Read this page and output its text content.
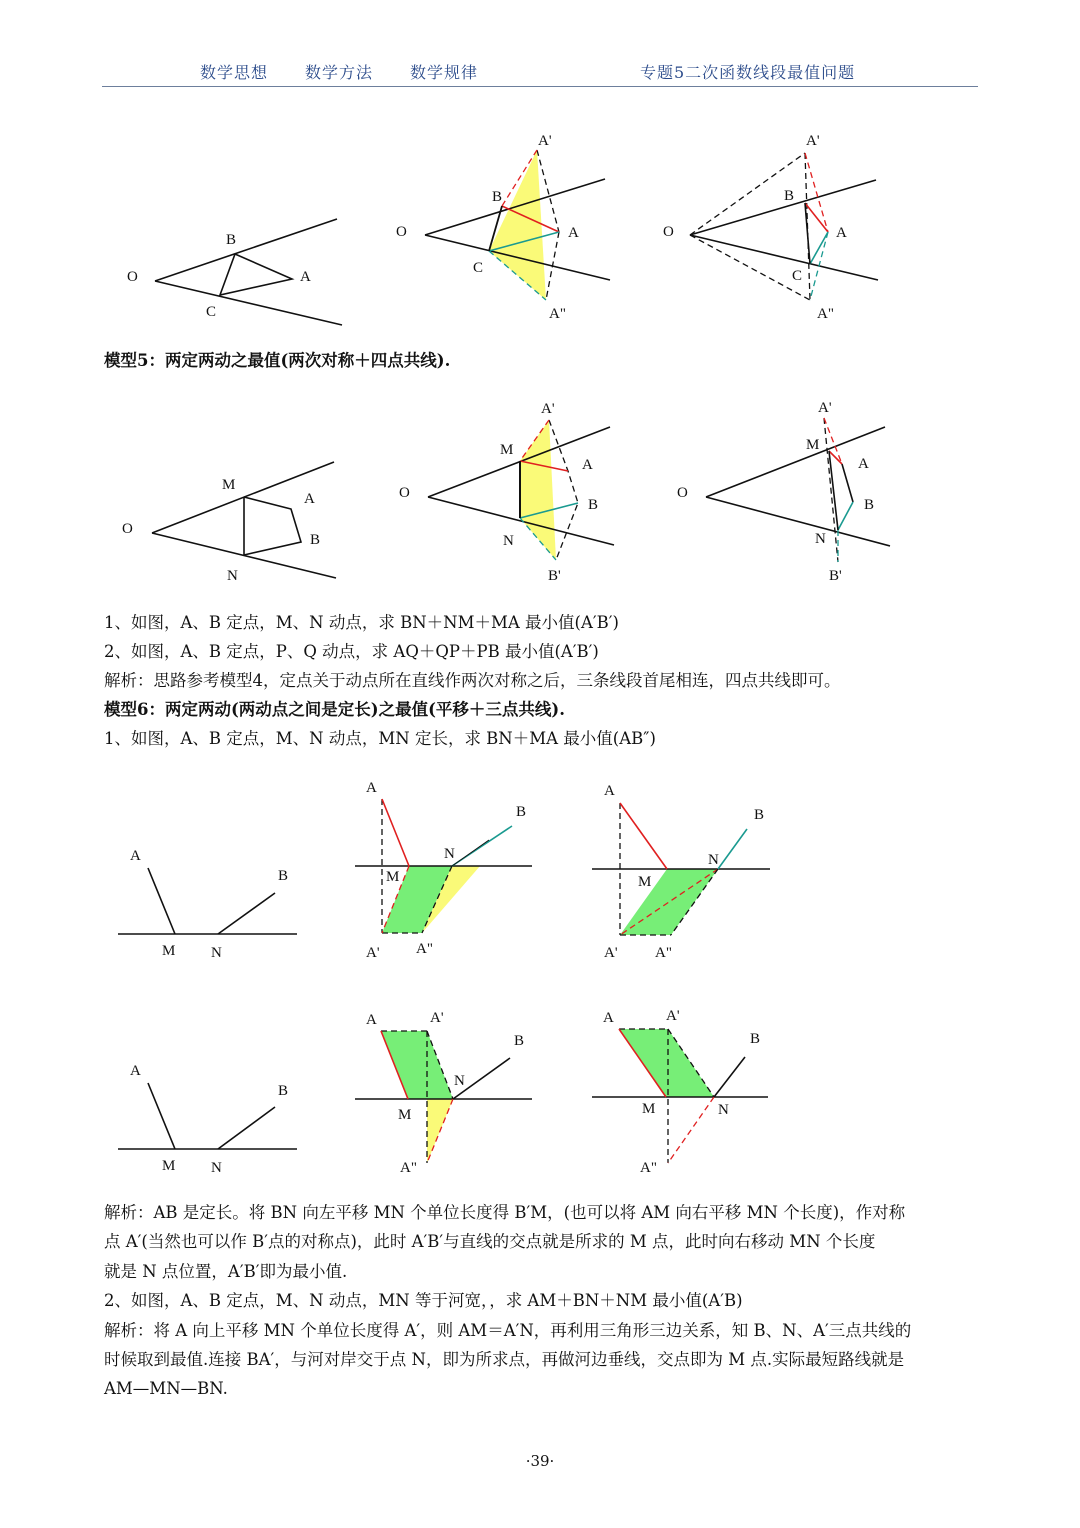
数学思想 数学方法 数学规律	专题5二次函数线段最值问题
O
B
A
C
O
A'
B
A
C
A"
O
A'
B
A
C
A"
O
M
A
B
N
O
A'
M
A
B
N
B'
O
A'
M
A
B
N
B'
A
B
M N
A
B
N
M
A' A"
A
B
N
M
A' A"
A
B
M N
A	A'
B
N
M
A"
A	A'
B
M	N
A"
模型5：两定两动之最值(两次对称＋四点共线).
1、如图，A、B 定点，M、N 动点，求 BN＋NM＋MA 最小值(A′B′)
2、如图，A、B 定点，P、Q 动点，求 AQ＋QP＋PB 最小值(A′B′)
解析：思路参考模型4，定点关于动点所在直线作两次对称之后，三条线段首尾相连，四点共线即可。
模型6：两定两动(两动点之间是定长)之最值(平移＋三点共线).
1、如图，A、B 定点，M、N 动点，MN 定长，求 BN＋MA 最小值(AB″)
解析：AB 是定长。将 BN 向左平移 MN 个单位长度得 B′M，(也可以将 AM 向右平移 MN 个长度)，作对称
点 A′(当然也可以作 B′点的对称点)，此时 A′B′与直线的交点就是所求的 M 点，此时向右移动 MN 个长度
就是 N 点位置，A′B′即为最小值.
2、如图，A、B 定点，M、N 动点，MN 等于河宽，，求 AM＋BN＋NM 最小值(A′B)
解析：将 A 向上平移 MN 个单位长度得 A′，则 AM＝A′N，再利用三角形三边关系，知 B、N、A′三点共线的
时候取到最值.连接 BA′，与河对岸交于点 N，即为所求点，再做河边垂线，交点即为 M 点.实际最短路线就是
AM—MN—BN.
·39·
